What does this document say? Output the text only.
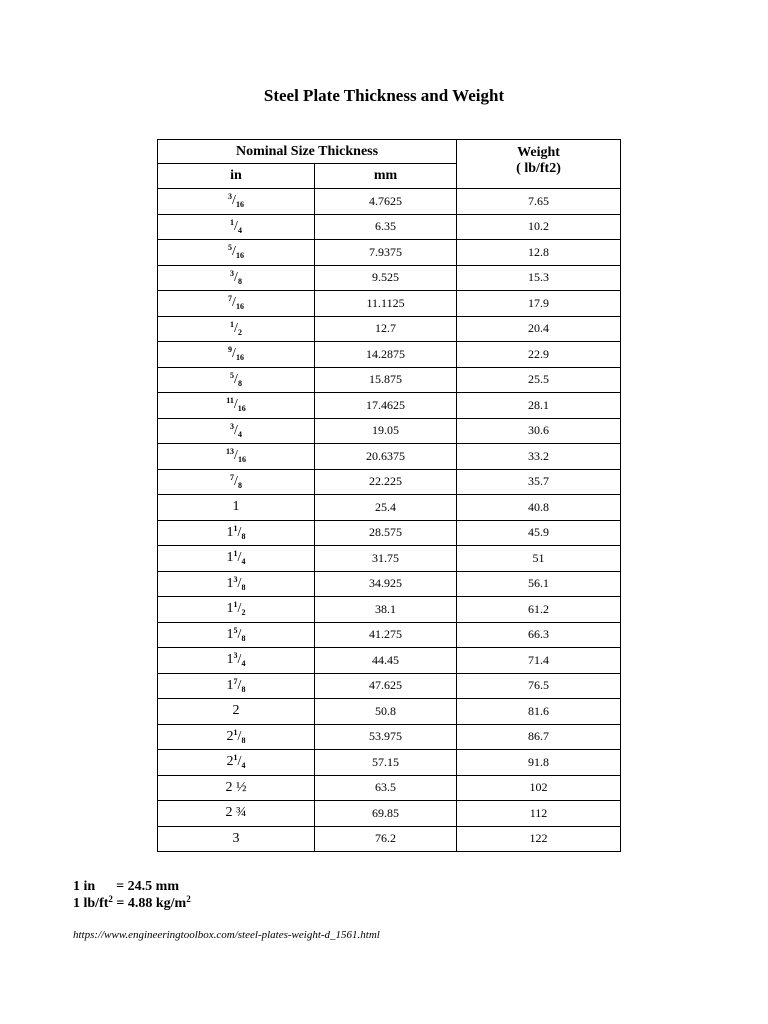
Steel Plate Thickness and Weight
Nominal Size Thickness		Weight
( lb/ft2)

in	mm	
$^3/_{16}$	4.7625	7.65
$^1/_4$	6.35	10.2
$^5/_{16}$	7.9375	12.8
$^3/_8$	9.525	15.3
$^7/_{16}$	11.1125	17.9
$^1/_2$	12.7	20.4
$^9/_{16}$	14.2875	22.9
$^5/_8$	15.875	25.5
$^{11}/_{16}$	17.4625	28.1
$^3/_4$	19.05	30.6
$^{13}/_{16}$	20.6375	33.2
$^7/_8$	22.225	35.7
1	25.4	40.8
$1^1/_8$	28.575	45.9
$1^1/_4$	31.75	51
$1^3/_8$	34.925	56.1
$1^1/_2$	38.1	61.2
$1^5/_8$	41.275	66.3
$1^3/_4$	44.45	71.4
$1^7/_8$	47.625	76.5
2	50.8	81.6
$2^1/_8$	53.975	86.7
$2^1/_4$	57.15	91.8
2 ½	63.5	102
2 ¾	69.85	112
3	76.2	122
1 in      = 24.5 mm
1 $lb/ft^2 = 4.88$ $kg/m^2$
https://www.engineeringtoolbox.com/steel-plates-weight-d_1561.html
